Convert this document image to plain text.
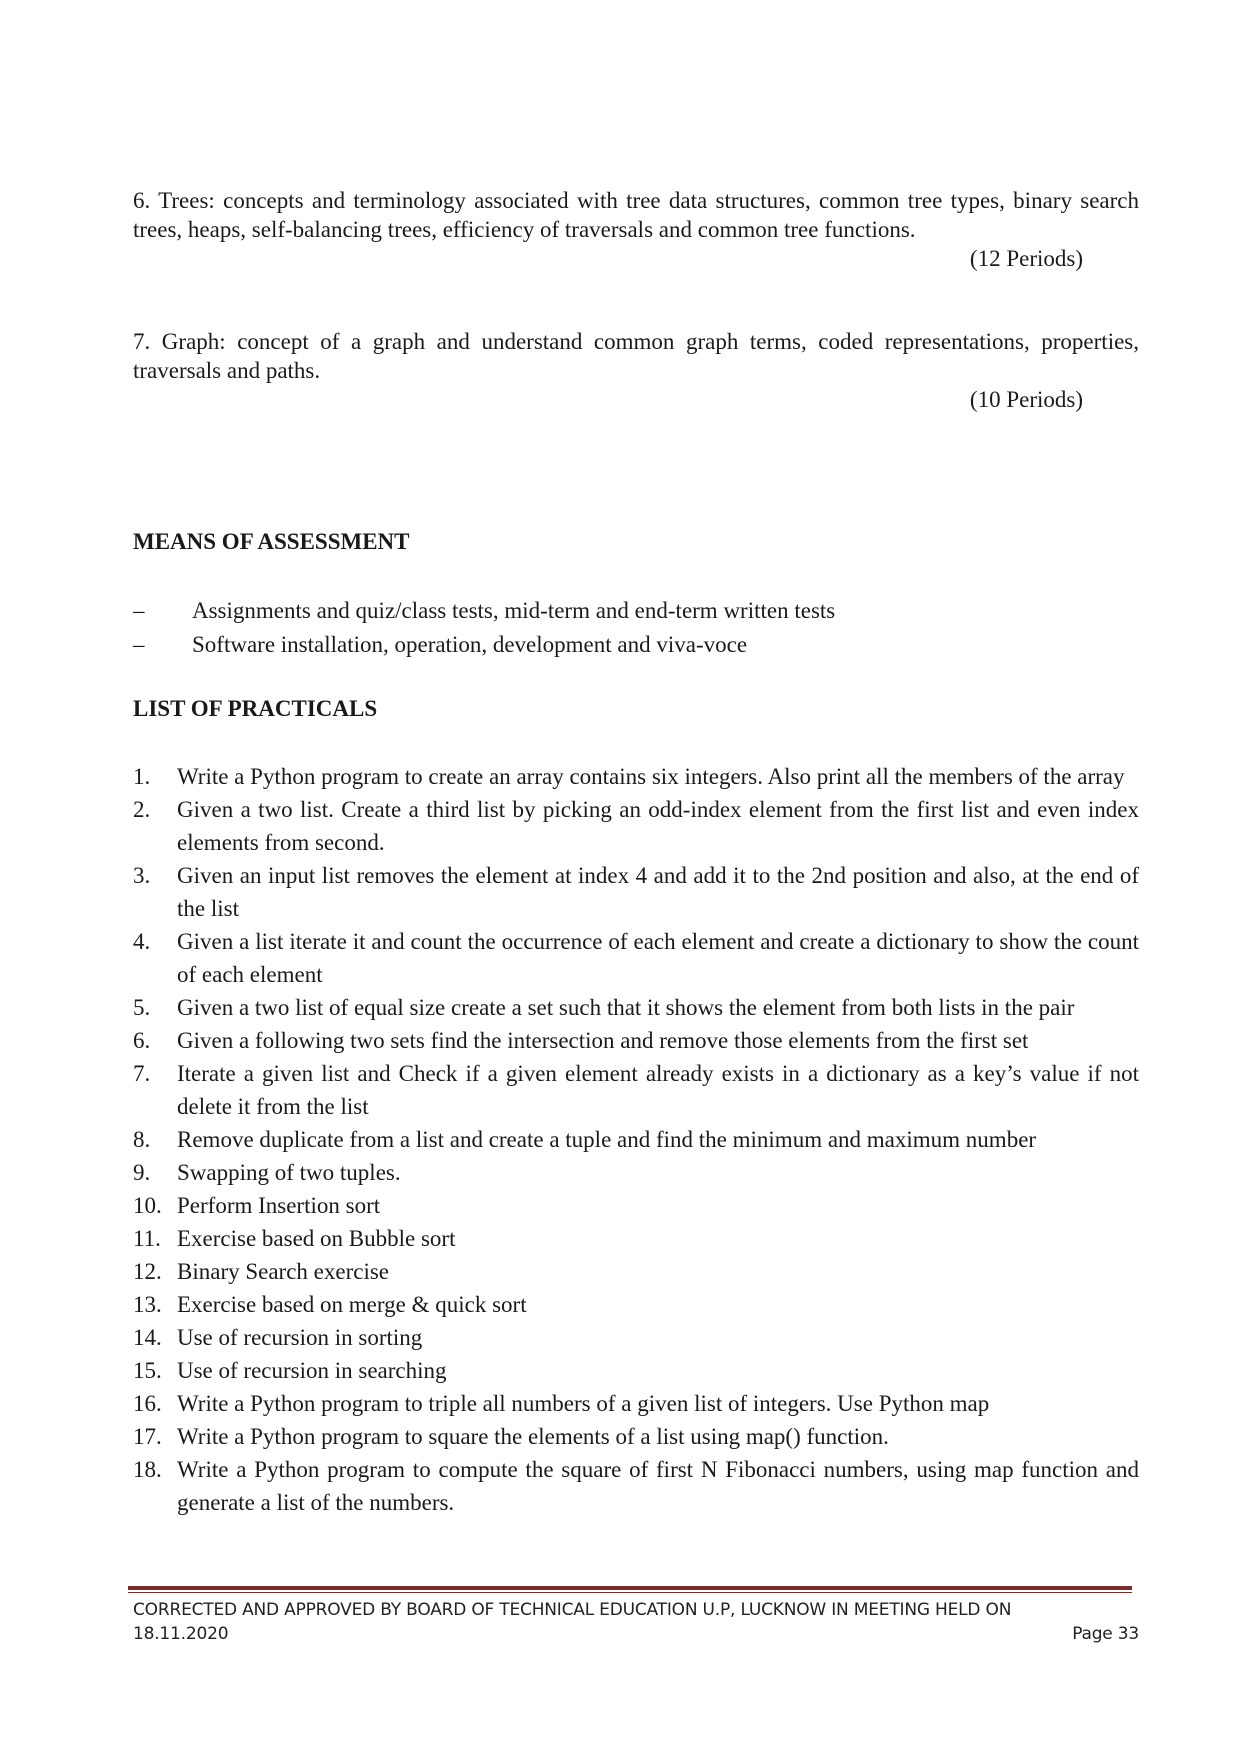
6. Trees: concepts and terminology associated with tree data structures, common tree types, binary search trees, heaps, self-balancing trees, efficiency of traversals and common tree functions.

(12 Periods)

7. Graph: concept of a graph and understand common graph terms, coded representations, properties, traversals and paths.

(10 Periods)
MEANS OF ASSESSMENT
–	Assignments and quiz/class tests, mid-term and end-term written tests
–	Software installation, operation, development and viva-voce
LIST OF PRACTICALS
1.	Write a Python program to create an array contains six integers. Also print all the members of the array
2.	Given a two list. Create a third list by picking an odd-index element from the first list and even index elements from second.
3.	Given an input list removes the element at index 4 and add it to the 2nd position and also, at the end of the list
4.	Given a list iterate it and count the occurrence of each element and create a dictionary to show the count of each element
5.	Given a two list of equal size create a set such that it shows the element from both lists in the pair
6.	Given a following two sets find the intersection and remove those elements from the first set
7.	Iterate a given list and Check if a given element already exists in a dictionary as a key’s value if not delete it from the list
8.	Remove duplicate from a list and create a tuple and find the minimum and maximum number
9.	Swapping of two tuples.
10. Perform Insertion sort
11. Exercise based on Bubble sort
12. Binary Search exercise
13. Exercise based on merge & quick sort
14. Use of recursion in sorting
15. Use of recursion in searching
16. Write a Python program to triple all numbers of a given list of integers. Use Python map
17. Write a Python program to square the elements of a list using map() function.
18. Write a Python program to compute the square of first N Fibonacci numbers, using map function and generate a list of the numbers.
CORRECTED AND APPROVED BY BOARD OF TECHNICAL EDUCATION U.P, LUCKNOW IN MEETING HELD ON
18.11.2020	Page 33
